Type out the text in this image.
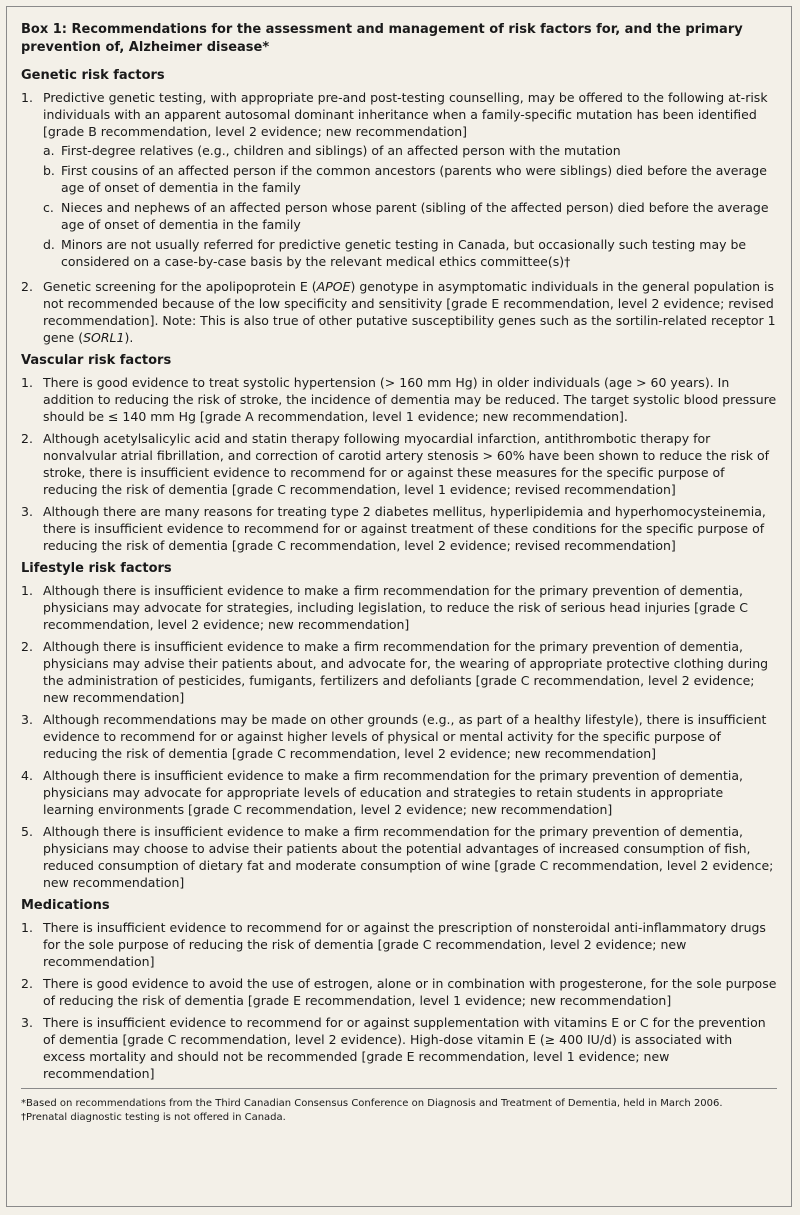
Box 1: Recommendations for the assessment and management of risk factors for, and the primary prevention of, Alzheimer disease*
Genetic risk factors
1. Predictive genetic testing, with appropriate pre-and post-testing counselling, may be offered to the following at-risk individuals with an apparent autosomal dominant inheritance when a family-specific mutation has been identified [grade B recommendation, level 2 evidence; new recommendation]
a. First-degree relatives (e.g., children and siblings) of an affected person with the mutation
b. First cousins of an affected person if the common ancestors (parents who were siblings) died before the average age of onset of dementia in the family
c. Nieces and nephews of an affected person whose parent (sibling of the affected person) died before the average age of onset of dementia in the family
d. Minors are not usually referred for predictive genetic testing in Canada, but occasionally such testing may be considered on a case-by-case basis by the relevant medical ethics committee(s)†
2. Genetic screening for the apolipoprotein E (APOE) genotype in asymptomatic individuals in the general population is not recommended because of the low specificity and sensitivity [grade E recommendation, level 2 evidence; revised recommendation]. Note: This is also true of other putative susceptibility genes such as the sortilin-related receptor 1 gene (SORL1).
Vascular risk factors
1. There is good evidence to treat systolic hypertension (> 160 mm Hg) in older individuals (age > 60 years). In addition to reducing the risk of stroke, the incidence of dementia may be reduced. The target systolic blood pressure should be ≤ 140 mm Hg [grade A recommendation, level 1 evidence; new recommendation].
2. Although acetylsalicylic acid and statin therapy following myocardial infarction, antithrombotic therapy for nonvalvular atrial fibrillation, and correction of carotid artery stenosis > 60% have been shown to reduce the risk of stroke, there is insufficient evidence to recommend for or against these measures for the specific purpose of reducing the risk of dementia [grade C recommendation, level 1 evidence; revised recommendation]
3. Although there are many reasons for treating type 2 diabetes mellitus, hyperlipidemia and hyperhomocysteinemia, there is insufficient evidence to recommend for or against treatment of these conditions for the specific purpose of reducing the risk of dementia [grade C recommendation, level 2 evidence; revised recommendation]
Lifestyle risk factors
1. Although there is insufficient evidence to make a firm recommendation for the primary prevention of dementia, physicians may advocate for strategies, including legislation, to reduce the risk of serious head injuries [grade C recommendation, level 2 evidence; new recommendation]
2. Although there is insufficient evidence to make a firm recommendation for the primary prevention of dementia, physicians may advise their patients about, and advocate for, the wearing of appropriate protective clothing during the administration of pesticides, fumigants, fertilizers and defoliants [grade C recommendation, level 2 evidence; new recommendation]
3. Although recommendations may be made on other grounds (e.g., as part of a healthy lifestyle), there is insufficient evidence to recommend for or against higher levels of physical or mental activity for the specific purpose of reducing the risk of dementia [grade C recommendation, level 2 evidence; new recommendation]
4. Although there is insufficient evidence to make a firm recommendation for the primary prevention of dementia, physicians may advocate for appropriate levels of education and strategies to retain students in appropriate learning environments [grade C recommendation, level 2 evidence; new recommendation]
5. Although there is insufficient evidence to make a firm recommendation for the primary prevention of dementia, physicians may choose to advise their patients about the potential advantages of increased consumption of fish, reduced consumption of dietary fat and moderate consumption of wine [grade C recommendation, level 2 evidence; new recommendation]
Medications
1. There is insufficient evidence to recommend for or against the prescription of nonsteroidal anti-inflammatory drugs for the sole purpose of reducing the risk of dementia [grade C recommendation, level 2 evidence; new recommendation]
2. There is good evidence to avoid the use of estrogen, alone or in combination with progesterone, for the sole purpose of reducing the risk of dementia [grade E recommendation, level 1 evidence; new recommendation]
3. There is insufficient evidence to recommend for or against supplementation with vitamins E or C for the prevention of dementia [grade C recommendation, level 2 evidence). High-dose vitamin E (≥ 400 IU/d) is associated with excess mortality and should not be recommended [grade E recommendation, level 1 evidence; new recommendation]
*Based on recommendations from the Third Canadian Consensus Conference on Diagnosis and Treatment of Dementia, held in March 2006.
†Prenatal diagnostic testing is not offered in Canada.
